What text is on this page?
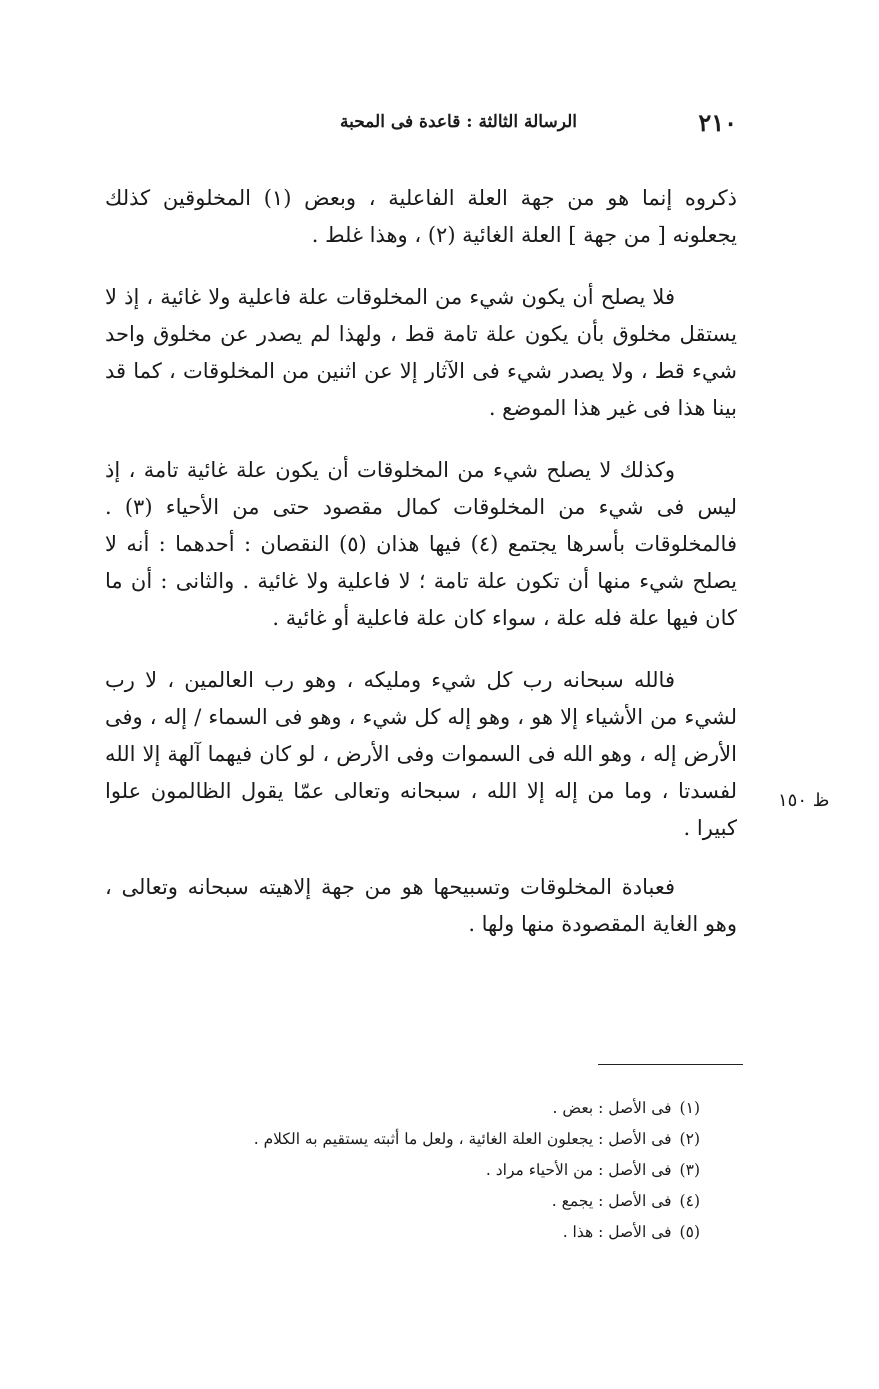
٢١٠
الرسالة الثالثة : قاعدة فى المحبة

ذكروه إنما هو من جهة العلة الفاعلية ، وبعض (١) المخلوقين كذلك يجعلونه [ من جهة ] العلة الغائية (٢) ، وهذا غلط .

فلا يصلح أن يكون شيء من المخلوقات علة فاعلية ولا غائية ، إذ لا يستقل مخلوق بأن يكون علة تامة قط ، ولهذا لم يصدر عن مخلوق واحد شيء قط ، ولا يصدر شيء فى الآثار إلا عن اثنين من المخلوقات ، كما قد بينا هذا فى غير هذا الموضع .

وكذلك لا يصلح شيء من المخلوقات أن يكون علة غائية تامة ، إذ ليس فى شيء من المخلوقات كمال مقصود حتى من الأحياء (٣) . فالمخلوقات بأسرها يجتمع (٤) فيها هذان (٥) النقصان : أحدهما : أنه لا يصلح شيء منها أن تكون علة تامة ؛ لا فاعلية ولا غائية . والثانى : أن ما كان فيها علة فله علة ، سواء كان علة فاعلية أو غائية .

فالله سبحانه رب كل شيء ومليكه ، وهو رب العالمين ، لا رب لشيء من الأشياء إلا هو ، وهو إله كل شيء ، وهو فى السماء / إله ، وفى الأرض إله ، وهو الله فى السموات وفى الأرض ، لو كان فيهما آلهة إلا الله لفسدتا ، وما من إله إلا الله ، سبحانه وتعالى عمّا يقول الظالمون علوا كبيرا .

فعبادة المخلوقات وتسبيحها هو من جهة إلاهيته سبحانه وتعالى ، وهو الغاية المقصودة منها ولها .

ظ ١٥٠
(١)فى الأصل : بعض .
(٢)فى الأصل : يجعلون العلة الغائية ، ولعل ما أثبته يستقيم به الكلام .
(٣)فى الأصل : من الأحياء مراد .
(٤)فى الأصل : يجمع .
(٥)فى الأصل : هذا .
